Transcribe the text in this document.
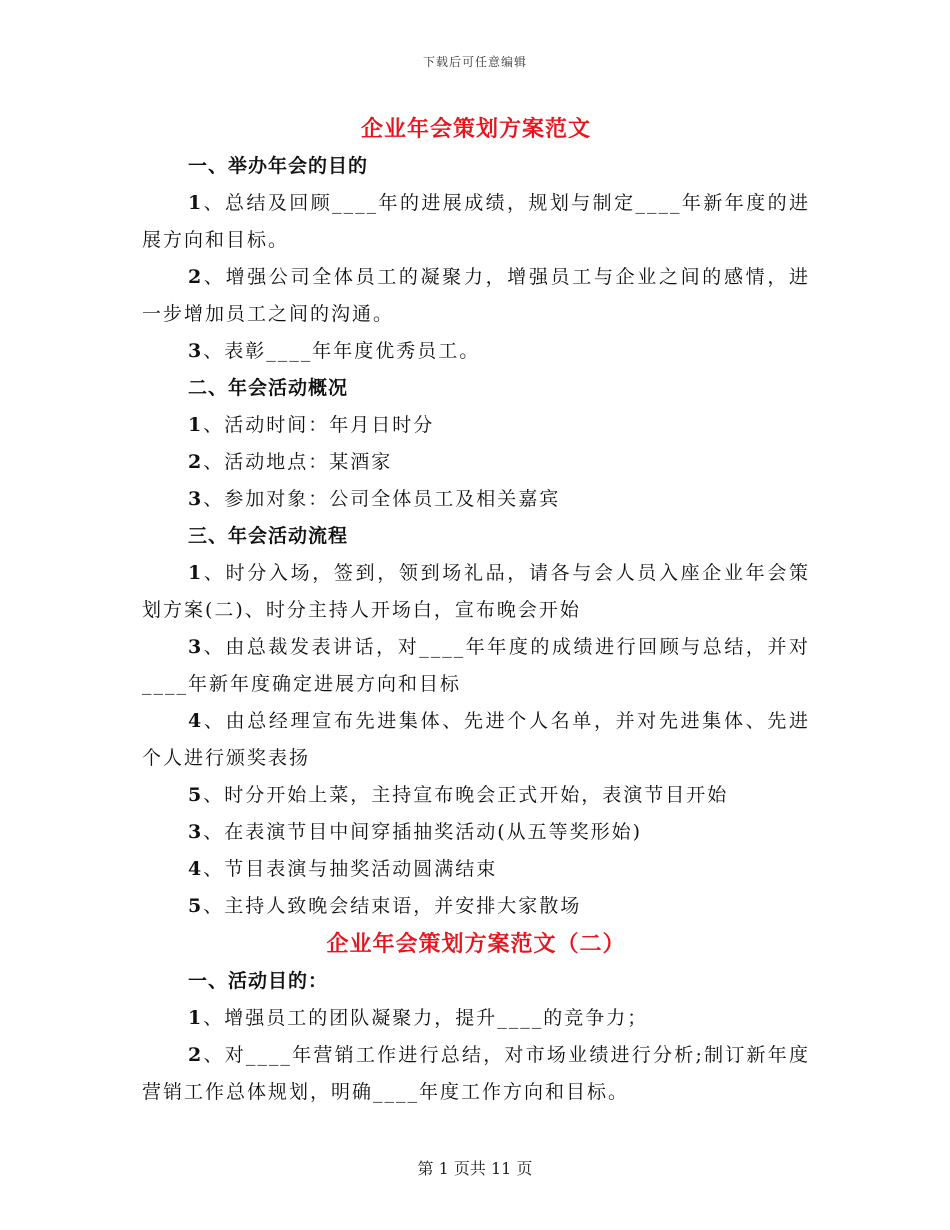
下载后可任意编辑
企业年会策划方案范文
一、举办年会的目的

1、总结及回顾____年的进展成绩，规划与制定____年新年度的进展方向和目标。

2、增强公司全体员工的凝聚力，增强员工与企业之间的感情，进一步增加员工之间的沟通。

3、表彰____年年度优秀员工。

二、年会活动概况

1、活动时间：年月日时分

2、活动地点：某酒家

3、参加对象：公司全体员工及相关嘉宾

三、年会活动流程

1、时分入场，签到，领到场礼品，请各与会人员入座企业年会策划方案(二)、时分主持人开场白，宣布晚会开始

3、由总裁发表讲话，对____年年度的成绩进行回顾与总结，并对____年新年度确定进展方向和目标

4、由总经理宣布先进集体、先进个人名单，并对先进集体、先进个人进行颁奖表扬

5、时分开始上菜，主持宣布晚会正式开始，表演节目开始

3、在表演节目中间穿插抽奖活动(从五等奖形始)

4、节目表演与抽奖活动圆满结束

5、主持人致晚会结束语，并安排大家散场

企业年会策划方案范文（二）
一、活动目的：

1、增强员工的团队凝聚力，提升____的竞争力；

2、对____年营销工作进行总结，对市场业绩进行分析;制订新年度营销工作总体规划，明确____年度工作方向和目标。

第 1 页共 11 页
